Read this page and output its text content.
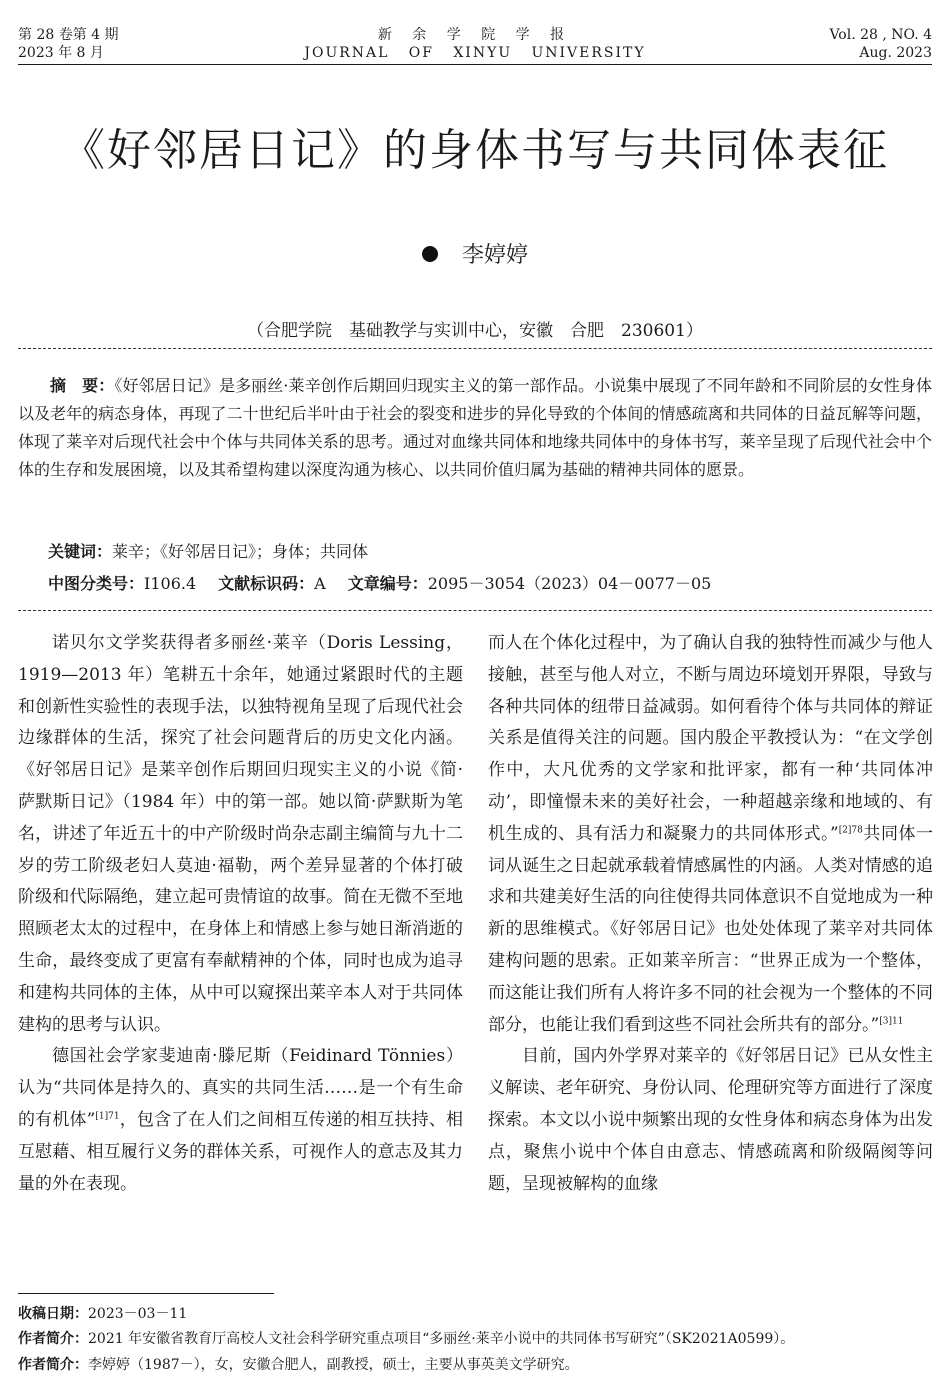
第 28 卷第 4 期
2023 年 8 月
新 余 学 院 学 报
JOURNAL   OF   XINYU   UNIVERSITY
Vol. 28 , NO. 4
Aug. 2023
《好邻居日记》的身体书写与共同体表征
李婷婷
（合肥学院　基础教学与实训中心，安徽　合肥　230601）

摘　要：《好邻居日记》是多丽丝·莱辛创作后期回归现实主义的第一部作品。小说集中展现了不同年龄和不同阶层的女性身体以及老年的病态身体，再现了二十世纪后半叶由于社会的裂变和进步的异化导致的个体间的情感疏离和共同体的日益瓦解等问题，体现了莱辛对后现代社会中个体与共同体关系的思考。通过对血缘共同体和地缘共同体中的身体书写，莱辛呈现了后现代社会中个体的生存和发展困境，以及其希望构建以深度沟通为核心、以共同价值归属为基础的精神共同体的愿景。

关键词：莱辛；《好邻居日记》；身体；共同体
中图分类号：I106.4 文献标识码：A 文章编号：2095－3054（2023）04－0077－05

诺贝尔文学奖获得者多丽丝·莱辛（Doris Lessing，1919—2013 年）笔耕五十余年，她通过紧跟时代的主题和创新性实验性的表现手法，以独特视角呈现了后现代社会边缘群体的生活，探究了社会问题背后的历史文化内涵。《好邻居日记》是莱辛创作后期回归现实主义的小说《简·萨默斯日记》（1984 年）中的第一部。她以简·萨默斯为笔名，讲述了年近五十的中产阶级时尚杂志副主编简与九十二岁的劳工阶级老妇人莫迪·福勒，两个差异显著的个体打破阶级和代际隔绝，建立起可贵情谊的故事。简在无微不至地照顾老太太的过程中，在身体上和情感上参与她日渐消逝的生命，最终变成了更富有奉献精神的个体，同时也成为追寻和建构共同体的主体，从中可以窥探出莱辛本人对于共同体建构的思考与认识。

德国社会学家斐迪南·滕尼斯（Feidinard Tönnies）认为“共同体是持久的、真实的共同生活……是一个有生命的有机体”$^{[1]71}$，包含了在人们之间相互传递的相互扶持、相互慰藉、相互履行义务的群体关系，可视作人的意志及其力量的外在表现。

而人在个体化过程中，为了确认自我的独特性而减少与他人接触，甚至与他人对立，不断与周边环境划开界限，导致与各种共同体的纽带日益减弱。如何看待个体与共同体的辩证关系是值得关注的问题。国内殷企平教授认为：“在文学创作中，大凡优秀的文学家和批评家，都有一种‘共同体冲动’，即憧憬未来的美好社会，一种超越亲缘和地域的、有机生成的、具有活力和凝聚力的共同体形式。”$^{[2]78}$共同体一词从诞生之日起就承载着情感属性的内涵。人类对情感的追求和共建美好生活的向往使得共同体意识不自觉地成为一种新的思维模式。《好邻居日记》也处处体现了莱辛对共同体建构问题的思索。正如莱辛所言：“世界正成为一个整体，而这能让我们所有人将许多不同的社会视为一个整体的不同部分，也能让我们看到这些不同社会所共有的部分。”$^{[3]11}$

目前，国内外学界对莱辛的《好邻居日记》已从女性主义解读、老年研究、身份认同、伦理研究等方面进行了深度探索。本文以小说中频繁出现的女性身体和病态身体为出发点，聚焦小说中个体自由意志、情感疏离和阶级隔阂等问题，呈现被解构的血缘

收稿日期：2023－03－11
作者简介：2021 年安徽省教育厅高校人文社会科学研究重点项目“多丽丝·莱辛小说中的共同体书写研究”（SK2021A0599）。
作者简介：李婷婷（1987－），女，安徽合肥人，副教授，硕士，主要从事英美文学研究。
